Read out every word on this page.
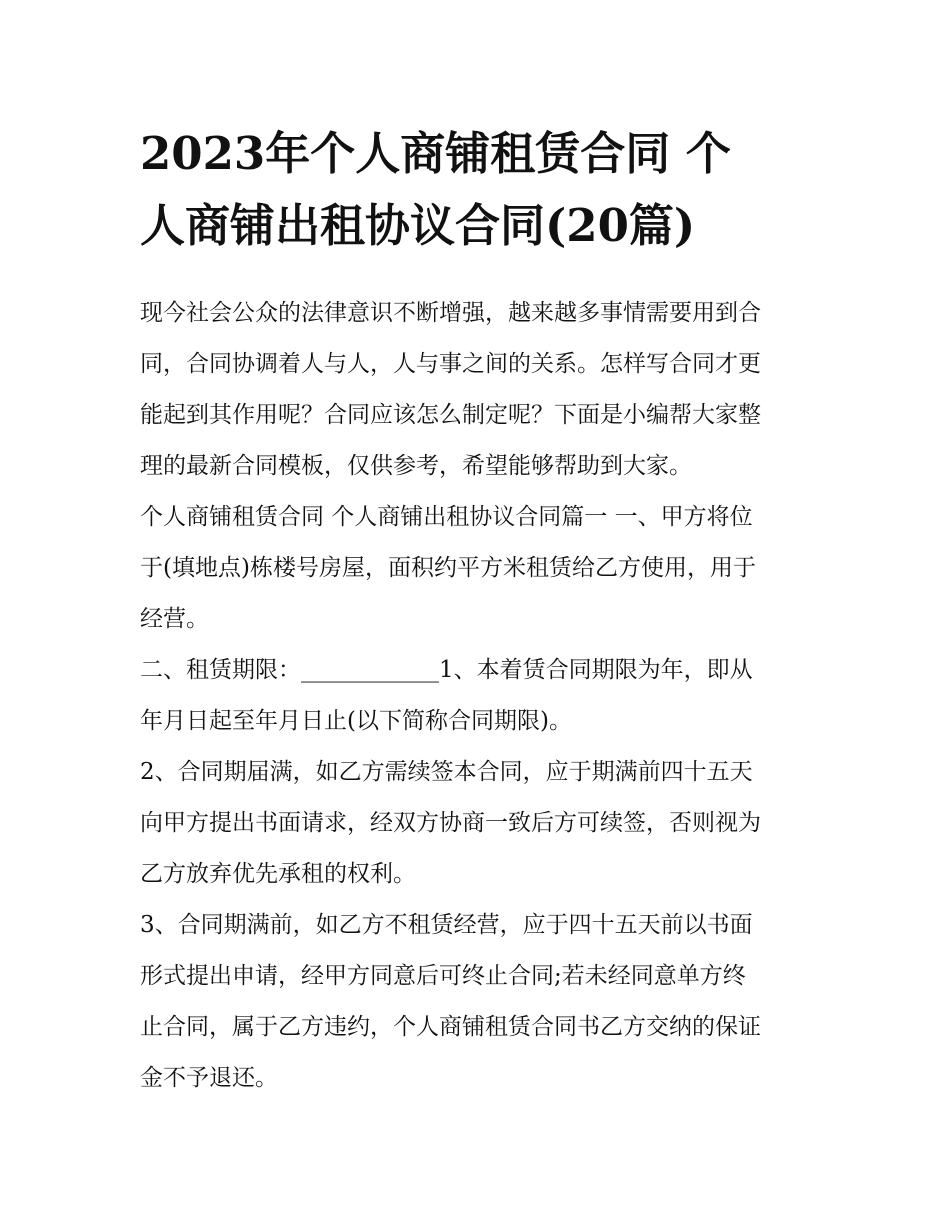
2023年个人商铺租赁合同 个
人商铺出租协议合同(20篇)

现今社会公众的法律意识不断增强，越来越多事情需要用到合
同，合同协调着人与人，人与事之间的关系。怎样写合同才更
能起到其作用呢？合同应该怎么制定呢？下面是小编帮大家整
理的最新合同模板，仅供参考，希望能够帮助到大家。

个人商铺租赁合同 个人商铺出租协议合同篇一 一、甲方将位
于(填地点)栋楼号房屋，面积约平方米租赁给乙方使用，用于
经营。

二、租赁期限：____________1、本着赁合同期限为年，即从
年月日起至年月日止(以下简称合同期限)。

2、合同期届满，如乙方需续签本合同，应于期满前四十五天
向甲方提出书面请求，经双方协商一致后方可续签，否则视为
乙方放弃优先承租的权利。

3、合同期满前，如乙方不租赁经营，应于四十五天前以书面
形式提出申请，经甲方同意后可终止合同;若未经同意单方终
止合同，属于乙方违约，个人商铺租赁合同书乙方交纳的保证
金不予退还。
